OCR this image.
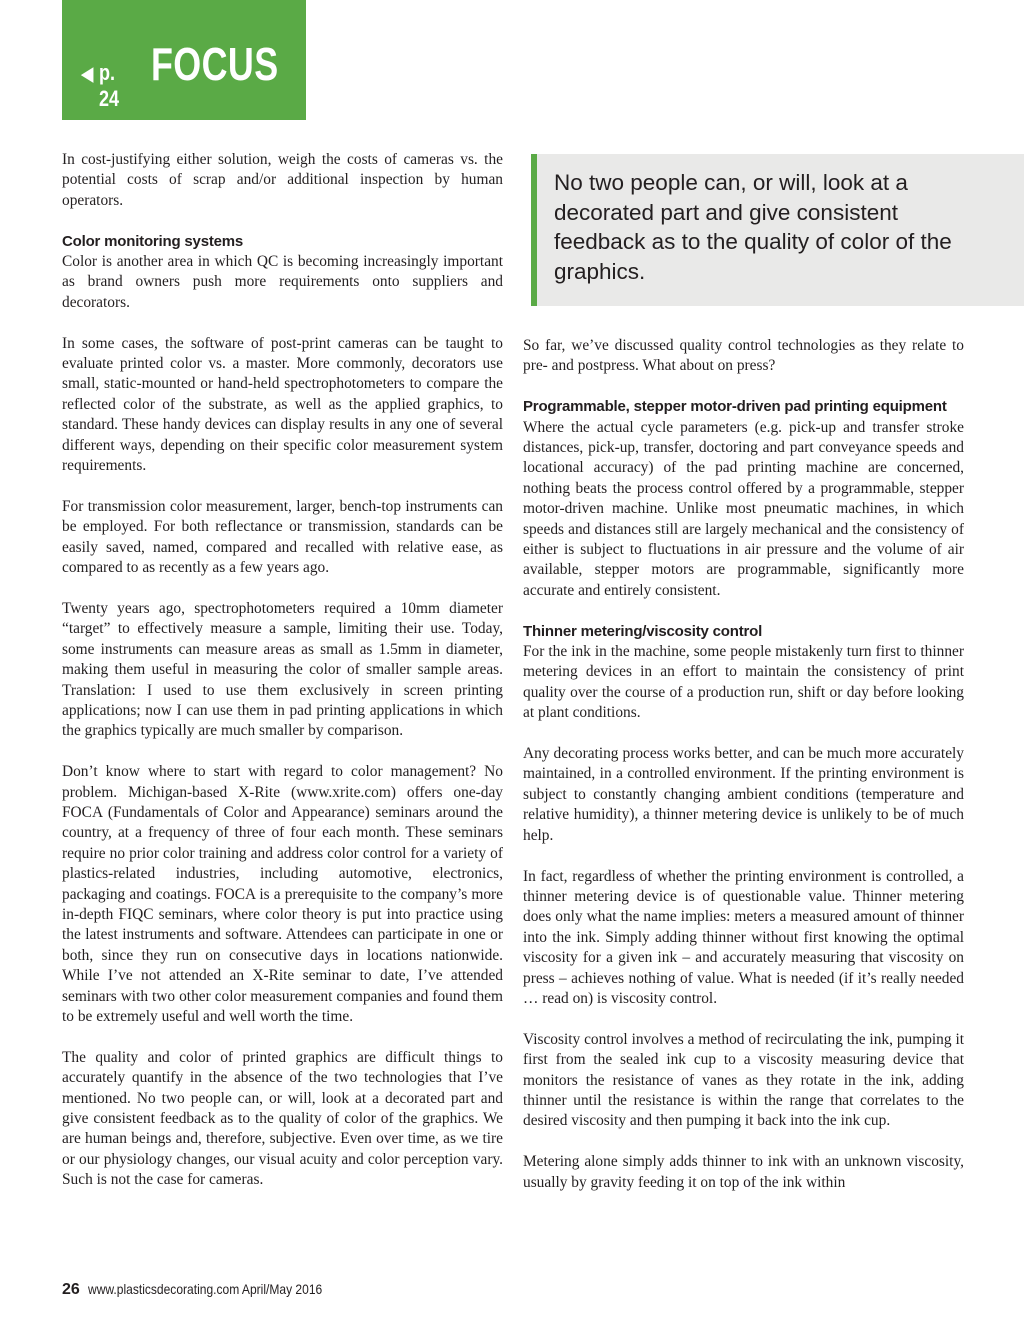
◀ p. 24
FOCUS

In cost-justifying either solution, weigh the costs of cameras vs. the potential costs of scrap and/or additional inspection by human operators.

Color monitoring systems

Color is another area in which QC is becoming increasingly important as brand owners push more requirements onto suppliers and decorators.

In some cases, the software of post-print cameras can be taught to evaluate printed color vs. a master. More commonly, decorators use small, static-mounted or hand-held spectrophotometers to compare the reflected color of the substrate, as well as the applied graphics, to standard. These handy devices can display results in any one of several different ways, depending on their specific color measurement system requirements.

For transmission color measurement, larger, bench-top instruments can be employed. For both reflectance or transmission, standards can be easily saved, named, compared and recalled with relative ease, as compared to as recently as a few years ago.

Twenty years ago, spectrophotometers required a 10mm diameter “target” to effectively measure a sample, limiting their use. Today, some instruments can measure areas as small as 1.5mm in diameter, making them useful in measuring the color of smaller sample areas. Translation: I used to use them exclusively in screen printing applications; now I can use them in pad printing applications in which the graphics typically are much smaller by comparison.

Don’t know where to start with regard to color management? No problem. Michigan-based X-Rite (www.xrite.com) offers one-day FOCA (Fundamentals of Color and Appearance) seminars around the country, at a frequency of three of four each month. These seminars require no prior color training and address color control for a variety of plastics-related industries, including automotive, electronics, packaging and coatings. FOCA is a prerequisite to the company’s more in-depth FIQC seminars, where color theory is put into practice using the latest instruments and software. Attendees can participate in one or both, since they run on consecutive days in locations nationwide. While I’ve not attended an X-Rite seminar to date, I’ve attended seminars with two other color measurement companies and found them to be extremely useful and well worth the time.

The quality and color of printed graphics are difficult things to accurately quantify in the absence of the two technologies that I’ve mentioned. No two people can, or will, look at a decorated part and give consistent feedback as to the quality of color of the graphics. We are human beings and, therefore, subjective. Even over time, as we tire or our physiology changes, our visual acuity and color perception vary. Such is not the case for cameras.

No two people can, or will, look at a decorated part and give consistent feedback as to the quality of color of the graphics.

So far, we’ve discussed quality control technologies as they relate to pre- and postpress. What about on press?

Programmable, stepper motor-driven pad printing equipment

Where the actual cycle parameters (e.g. pick-up and transfer stroke distances, pick-up, transfer, doctoring and part conveyance speeds and locational accuracy) of the pad printing machine are concerned, nothing beats the process control offered by a programmable, stepper motor-driven machine. Unlike most pneumatic machines, in which speeds and distances still are largely mechanical and the consistency of either is subject to fluctuations in air pressure and the volume of air available, stepper motors are programmable, significantly more accurate and entirely consistent.

Thinner metering/viscosity control

For the ink in the machine, some people mistakenly turn first to thinner metering devices in an effort to maintain the consistency of print quality over the course of a production run, shift or day before looking at plant conditions.

Any decorating process works better, and can be much more accurately maintained, in a controlled environment. If the printing environment is subject to constantly changing ambient conditions (temperature and relative humidity), a thinner metering device is unlikely to be of much help.

In fact, regardless of whether the printing environment is controlled, a thinner metering device is of questionable value. Thinner metering does only what the name implies: meters a measured amount of thinner into the ink. Simply adding thinner without first knowing the optimal viscosity for a given ink – and accurately measuring that viscosity on press – achieves nothing of value. What is needed (if it’s really needed … read on) is viscosity control.

Viscosity control involves a method of recirculating the ink, pumping it first from the sealed ink cup to a viscosity measuring device that monitors the resistance of vanes as they rotate in the ink, adding thinner until the resistance is within the range that correlates to the desired viscosity and then pumping it back into the ink cup.

Metering alone simply adds thinner to ink with an unknown viscosity, usually by gravity feeding it on top of the ink within

26 www.plasticsdecorating.com April/May 2016
